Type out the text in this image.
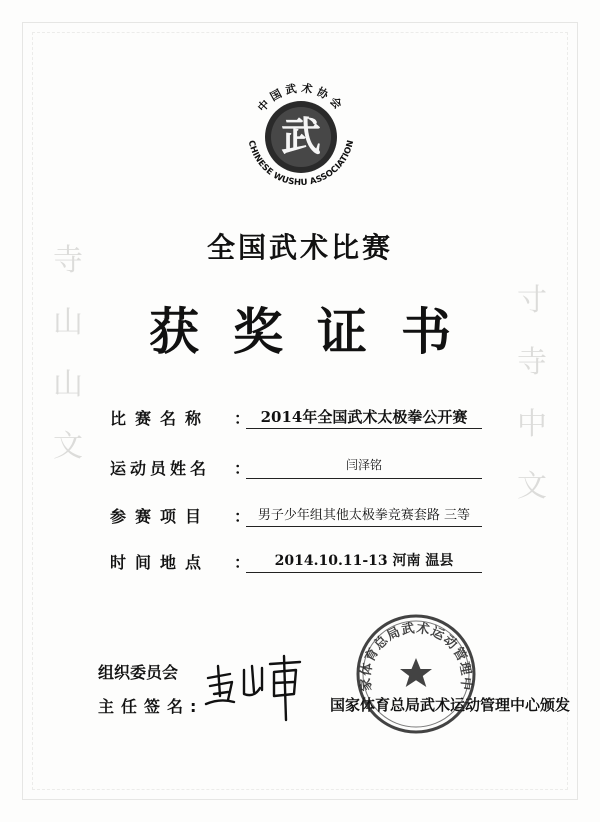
寺
山
山
文
寸
寺
中
文
武
中国武术协会
CHINESE WUSHU ASSOCIATION
全国武术比赛
获奖证书
比赛名称	： 2014年全国武术太极拳公开赛
运动员姓名	：	闫泽铭
参赛项目	： 男子少年组其他太极拳竞赛套路 三等
时间地点	：	2014.10.11-13 河南 温县
组织委员会
主任签名:	国家体育总局武术运动管理中心颁发
家体育总局武术运动管理中
